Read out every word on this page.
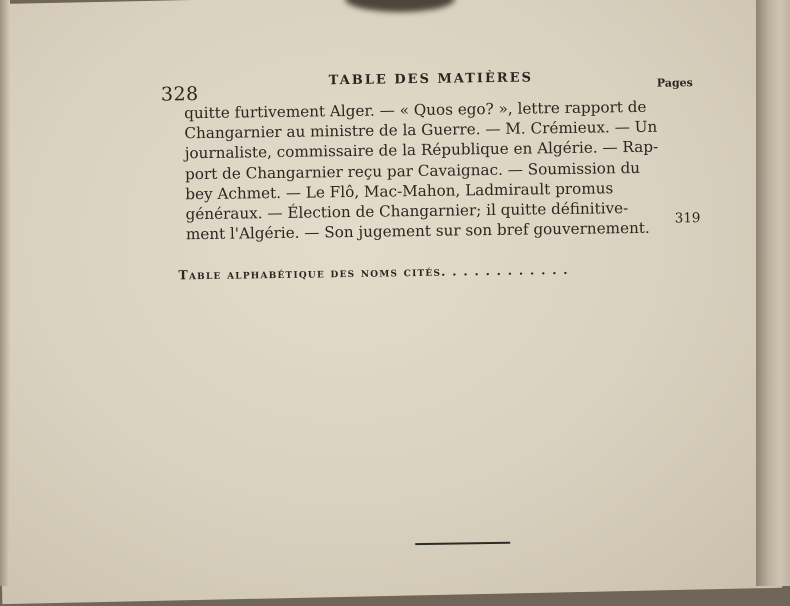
328
TABLE DES MATIÈRES	Pages
quitte furtivement Alger. — « Quos ego? », lettre rapport de
Changarnier au ministre de la Guerre. — M. Crémieux. — Un
journaliste, commissaire de la République en Algérie. — Rap-
port de Changarnier reçu par Cavaignac. — Soumission du
bey Achmet. — Le Flô, Mac-Mahon, Ladmirault promus
généraux. — Élection de Changarnier; il quitte définitive-
ment l'Algérie. — Son jugement sur son bref gouvernement.
319
Table alphabétique des noms cités. . . . . . . . . . . .
